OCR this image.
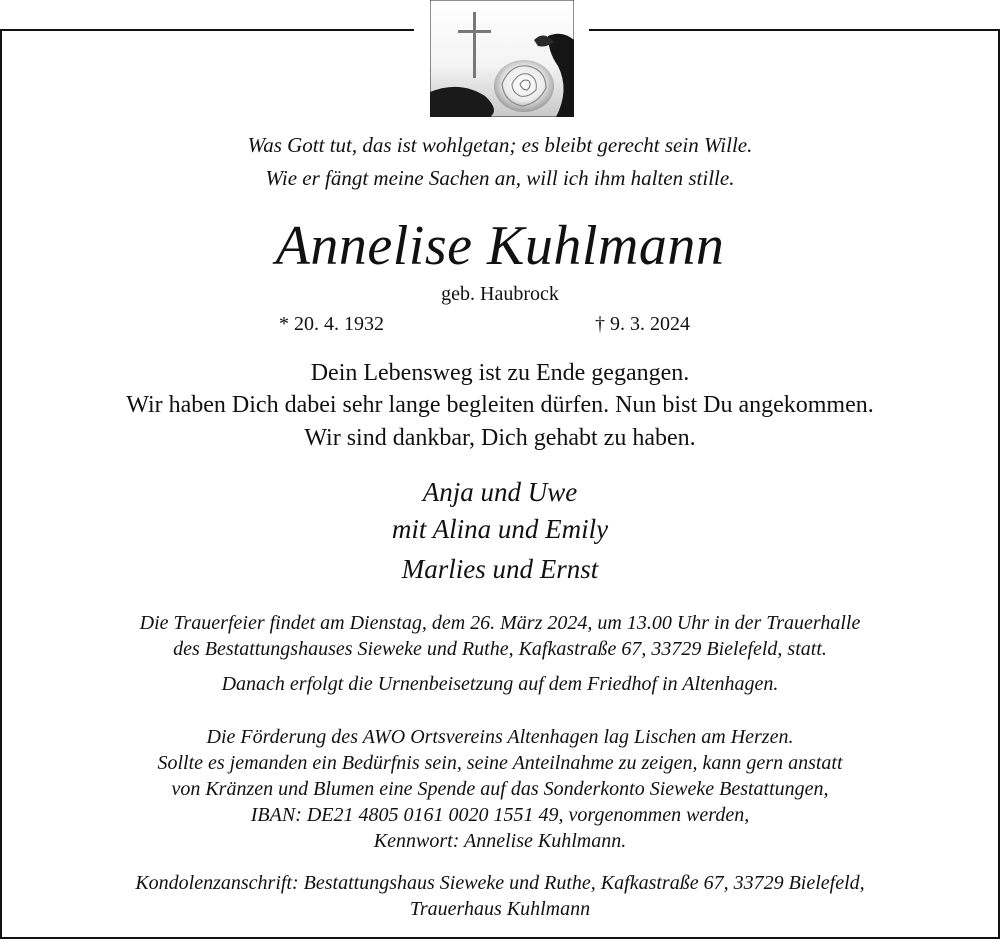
Was Gott tut, das ist wohlgetan; es bleibt gerecht sein Wille.
Wie er fängt meine Sachen an, will ich ihm halten stille.
Annelise Kuhlmann
geb. Haubrock
* 20. 4. 1932	† 9. 3. 2024
Dein Lebensweg ist zu Ende gegangen.
Wir haben Dich dabei sehr lange begleiten dürfen. Nun bist Du angekommen.
Wir sind dankbar, Dich gehabt zu haben.
Anja und Uwe
mit Alina und Emily
Marlies und Ernst
Die Trauerfeier findet am Dienstag, dem 26. März 2024, um 13.00 Uhr in der Trauerhalle
des Bestattungshauses Sieweke und Ruthe, Kafkastraße 67, 33729 Bielefeld, statt.
Danach erfolgt die Urnenbeisetzung auf dem Friedhof in Altenhagen.
Die Förderung des AWO Ortsvereins Altenhagen lag Lischen am Herzen.
Sollte es jemanden ein Bedürfnis sein, seine Anteilnahme zu zeigen, kann gern anstatt
von Kränzen und Blumen eine Spende auf das Sonderkonto Sieweke Bestattungen,
IBAN: DE21 4805 0161 0020 1551 49, vorgenommen werden,
Kennwort: Annelise Kuhlmann.
Kondolenzanschrift: Bestattungshaus Sieweke und Ruthe, Kafkastraße 67, 33729 Bielefeld,
Trauerhaus Kuhlmann
